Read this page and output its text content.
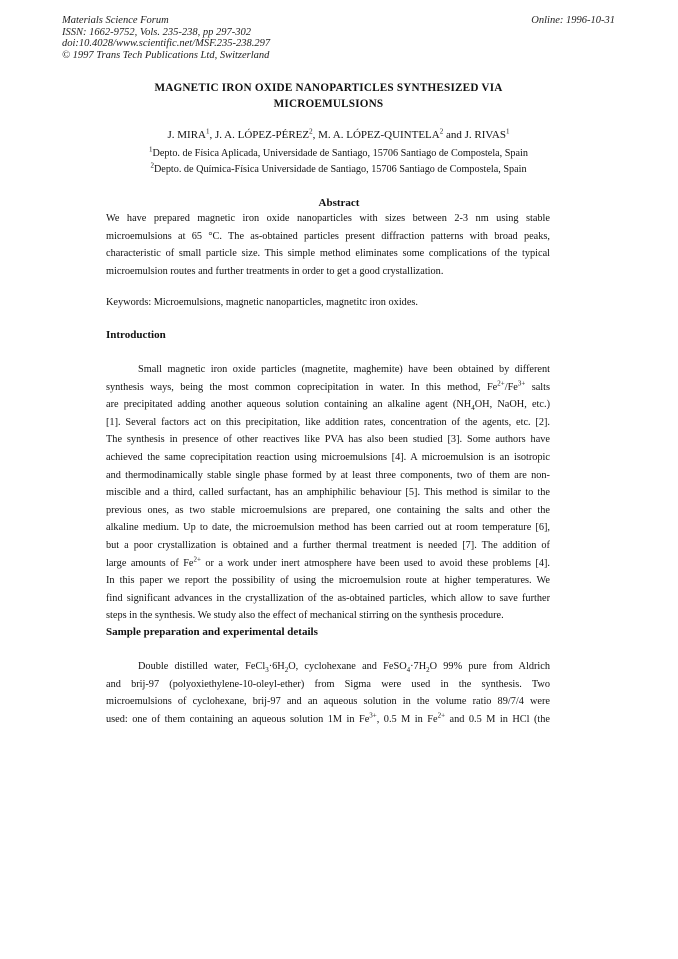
Materials Science Forum
ISSN: 1662-9752, Vols. 235-238, pp 297-302
doi:10.4028/www.scientific.net/MSF.235-238.297
© 1997 Trans Tech Publications Ltd, Switzerland
Online: 1996-10-31
MAGNETIC IRON OXIDE NANOPARTICLES SYNTHESIZED VIA
MICROEMULSIONS
J. MIRA$^1$, J. A. LÓPEZ-PÉREZ$^2$, M. A. LÓPEZ-QUINTELA$^2$ and J. RIVAS$^1$
$^1$Depto. de Física Aplicada, Universidade de Santiago, 15706 Santiago de Compostela, Spain
$^2$Depto. de Química-Física Universidade de Santiago, 15706 Santiago de Compostela, Spain
Abstract
We have prepared magnetic iron oxide nanoparticles with sizes between 2-3 nm using stable
microemulsions at 65 °C. The as-obtained particles present diffraction patterns with broad peaks,
characteristic of small particle size. This simple method eliminates some complications of the typical
microemulsion routes and further treatments in order to get a good crystallization.
Keywords: Microemulsions, magnetic nanoparticles, magnetitc iron oxides.
Introduction
Small magnetic iron oxide particles (magnetite, maghemite) have been obtained by different
synthesis ways, being the most common coprecipitation in water. In this method, $Fe^{2+}/Fe^{3+}$ salts
are precipitated adding another aqueous solution containing an alkaline agent ($NH_4OH$, NaOH, etc.)
[1]. Several factors act on this precipitation, like addition rates, concentration of the agents, etc. [2].
The synthesis in presence of other reactives like PVA has also been studied [3]. Some authors have
achieved the same coprecipitation reaction using microemulsions [4]. A microemulsion is an isotropic
and thermodinamically stable single phase formed by at least three components, two of them are non-
miscible and a third, called surfactant, has an amphiphilic behaviour [5]. This method is similar to the
previous ones, as two stable microemulsions are prepared, one containing the salts and other the
alkaline medium. Up to date, the microemulsion method has been carried out at room temperature [6],
but a poor crystallization is obtained and a further thermal treatment is needed [7]. The addition of
large amounts of $Fe^{2+}$ or a work under inert atmosphere have been used to avoid these problems [4].
In this paper we report the possibility of using the microemulsion route at higher temperatures. We
find significant advances in the crystallization of the as-obtained particles, which allow to save further
steps in the synthesis. We study also the effect of mechanical stirring on the synthesis procedure.
Sample preparation and experimental details
Double distilled water, $FeCl_3\cdot 6H_2O$, cyclohexane and $FeSO_4\cdot 7H_2O$ 99% pure from Aldrich
and brij-97 (polyoxiethylene-10-oleyl-ether) from Sigma were used in the synthesis. Two
microemulsions of cyclohexane, brij-97 and an aqueous solution in the volume ratio 89/7/4 were
used: one of them containing an aqueous solution 1M in $Fe^{3+}$, 0.5 M in $Fe^{2+}$ and 0.5 M in HCl (the
